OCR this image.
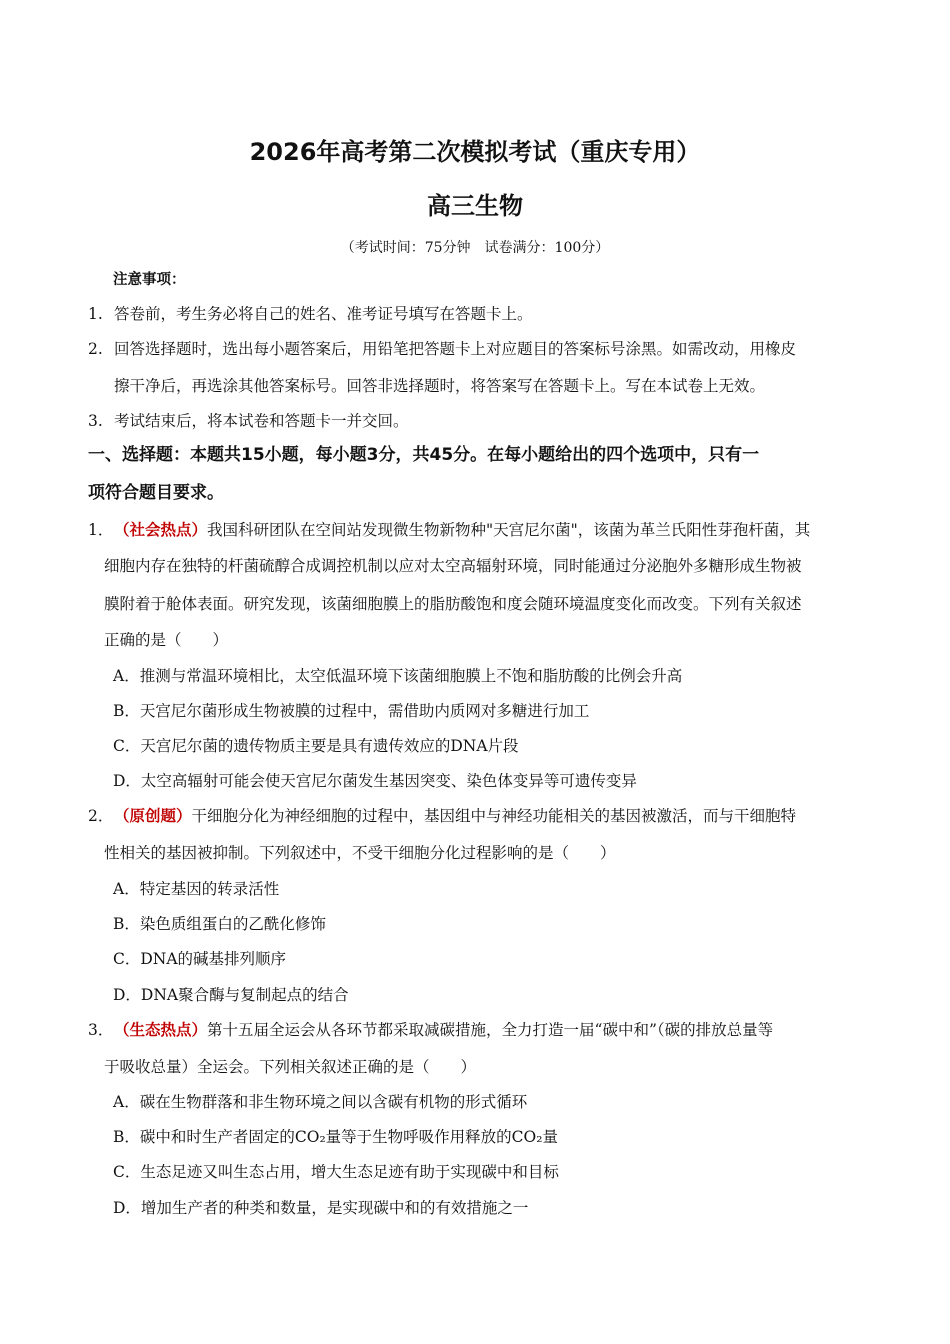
2026年高考第二次模拟考试（重庆专用）
高三生物
（考试时间：75分钟　试卷满分：100分）
注意事项：
1. 答卷前，考生务必将自己的姓名、准考证号填写在答题卡上。
2. 回答选择题时，选出每小题答案后，用铅笔把答题卡上对应题目的答案标号涂黑。如需改动，用橡皮
擦干净后，再选涂其他答案标号。回答非选择题时，将答案写在答题卡上。写在本试卷上无效。
3. 考试结束后，将本试卷和答题卡一并交回。
一、选择题：本题共15小题，每小题3分，共45分。在每小题给出的四个选项中，只有一
项符合题目要求。
1．（社会热点）我国科研团队在空间站发现微生物新物种"天宫尼尔菌"，该菌为革兰氏阳性芽孢杆菌，其
细胞内存在独特的杆菌硫醇合成调控机制以应对太空高辐射环境，同时能通过分泌胞外多糖形成生物被
膜附着于舱体表面。研究发现，该菌细胞膜上的脂肪酸饱和度会随环境温度变化而改变。下列有关叙述
正确的是（　　）
A．推测与常温环境相比，太空低温环境下该菌细胞膜上不饱和脂肪酸的比例会升高
B．天宫尼尔菌形成生物被膜的过程中，需借助内质网对多糖进行加工
C．天宫尼尔菌的遗传物质主要是具有遗传效应的DNA片段
D．太空高辐射可能会使天宫尼尔菌发生基因突变、染色体变异等可遗传变异
2．（原创题）干细胞分化为神经细胞的过程中，基因组中与神经功能相关的基因被激活，而与干细胞特
性相关的基因被抑制。下列叙述中，不受干细胞分化过程影响的是（　　）
A．特定基因的转录活性
B．染色质组蛋白的乙酰化修饰
C．DNA的碱基排列顺序
D．DNA聚合酶与复制起点的结合
3．（生态热点）第十五届全运会从各环节都采取减碳措施，全力打造一届“碳中和”（碳的排放总量等
于吸收总量）全运会。下列相关叙述正确的是（　　）
A．碳在生物群落和非生物环境之间以含碳有机物的形式循环
B．碳中和时生产者固定的CO₂量等于生物呼吸作用释放的CO₂量
C．生态足迹又叫生态占用，增大生态足迹有助于实现碳中和目标
D．增加生产者的种类和数量，是实现碳中和的有效措施之一
